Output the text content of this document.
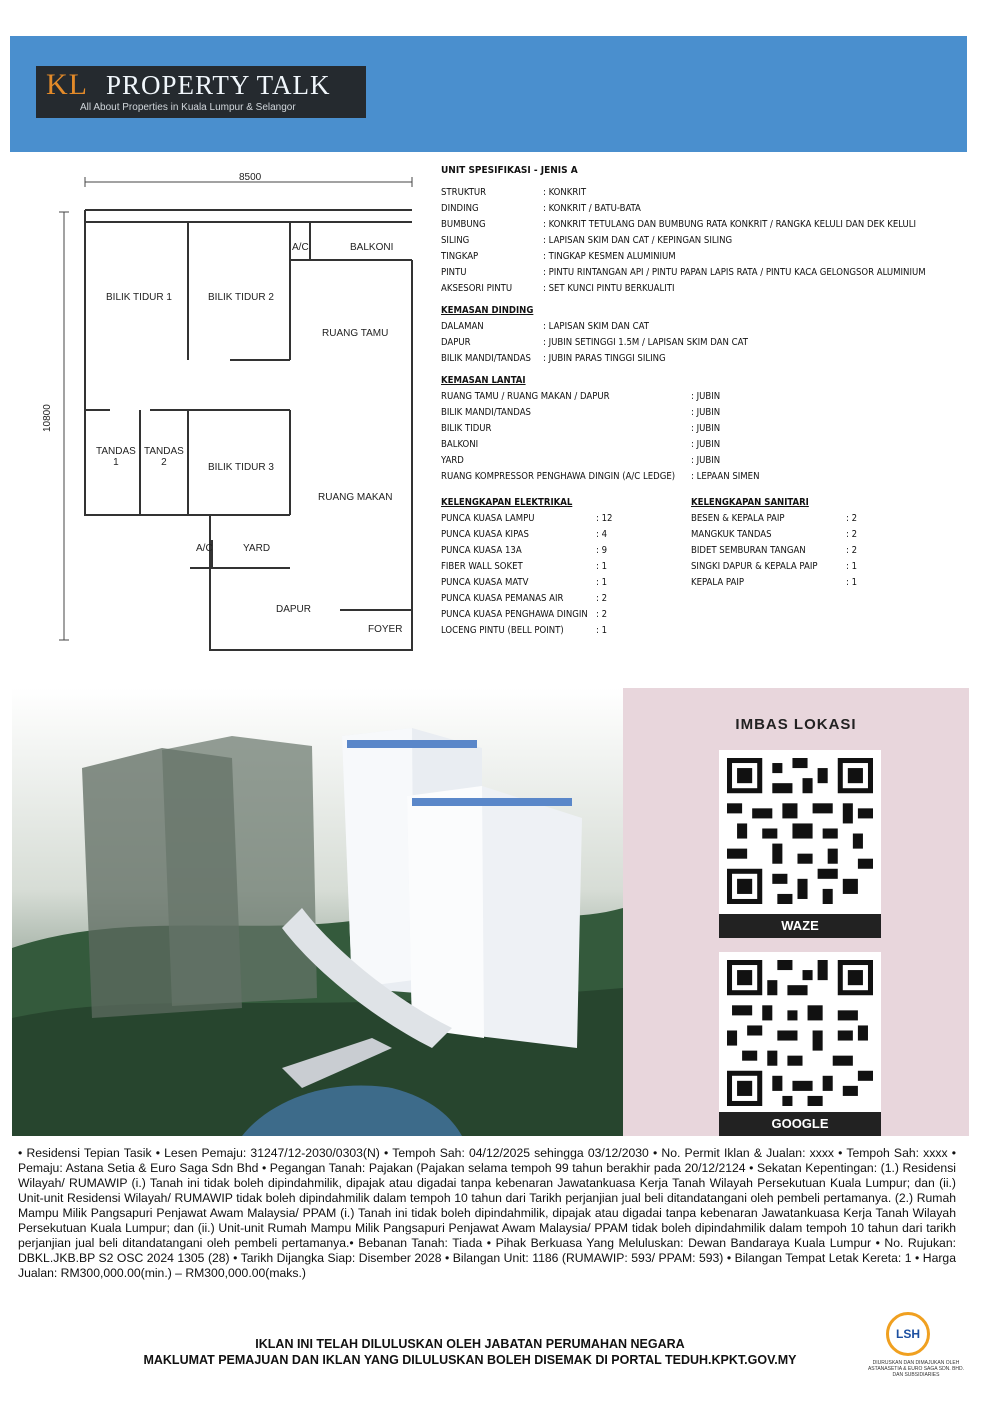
KL PROPERTY TALK
All About Properties in Kuala Lumpur & Selangor
8500
10800
BILIK TIDUR 1	BILIK TIDUR 2
A/C	BALKONI
RUANG TAMU
TANDAS
1
TANDAS
2	BILIK TIDUR 3
RUANG MAKAN
A/C	YARD
DAPUR
FOYER
UNIT SPESIFIKASI - JENIS A
STRUKTUR	: KONKRIT
DINDING	: KONKRIT / BATU-BATA
BUMBUNG	: KONKRIT TETULANG DAN BUMBUNG RATA KONKRIT / RANGKA KELULI DAN DEK KELULI
SILING	: LAPISAN SKIM DAN CAT / KEPINGAN SILING
TINGKAP	: TINGKAP KESMEN ALUMINIUM
PINTU	: PINTU RINTANGAN API / PINTU PAPAN LAPIS RATA / PINTU KACA GELONGSOR ALUMINIUM
AKSESORI PINTU	: SET KUNCI PINTU BERKUALITI
KEMASAN DINDING
DALAMAN	: LAPISAN SKIM DAN CAT
DAPUR	: JUBIN SETINGGI 1.5M / LAPISAN SKIM DAN CAT
BILIK MANDI/TANDAS	: JUBIN PARAS TINGGI SILING
KEMASAN LANTAI
RUANG TAMU / RUANG MAKAN / DAPUR	: JUBIN
BILIK MANDI/TANDAS	: JUBIN
BILIK TIDUR	: JUBIN
BALKONI	: JUBIN
YARD	: JUBIN
RUANG KOMPRESSOR PENGHAWA DINGIN (A/C LEDGE)	: LEPAAN SIMEN
KELENGKAPAN ELEKTRIKAL
PUNCA KUASA LAMPU	: 12
PUNCA KUASA KIPAS	: 4
PUNCA KUASA 13A	: 9
FIBER WALL SOKET	: 1
PUNCA KUASA MATV	: 1
PUNCA KUASA PEMANAS AIR	: 2
PUNCA KUASA PENGHAWA DINGIN : 2
LOCENG PINTU (BELL POINT)	: 1
KELENGKAPAN SANITARI
BESEN & KEPALA PAIP	: 2
MANGKUK TANDAS	: 2
BIDET SEMBURAN TANGAN	: 2
SINGKI DAPUR & KEPALA PAIP	: 1
KEPALA PAIP	: 1
IMBAS LOKASI
WAZE
GOOGLE
• Residensi Tepian Tasik • Lesen Pemaju: 31247/12-2030/0303(N) • Tempoh Sah: 04/12/2025 sehingga 03/12/2030 • No. Permit Iklan & Jualan: xxxx • Tempoh Sah: xxxx • Pemaju: Astana Setia & Euro Saga Sdn Bhd • Pegangan Tanah: Pajakan (Pajakan selama tempoh 99 tahun berakhir pada 20/12/2124 • Sekatan Kepentingan: (1.) Residensi Wilayah/ RUMAWIP (i.) Tanah ini tidak boleh dipindahmilik, dipajak atau digadai tanpa kebenaran Jawatankuasa Kerja Tanah Wilayah Persekutuan Kuala Lumpur; dan (ii.) Unit-unit Residensi Wilayah/ RUMAWIP tidak boleh dipindahmilik dalam tempoh 10 tahun dari Tarikh perjanjian jual beli ditandatangani oleh pembeli pertamanya. (2.) Rumah Mampu Milik Pangsapuri Penjawat Awam Malaysia/ PPAM (i.) Tanah ini tidak boleh dipindahmilik, dipajak atau digadai tanpa kebenaran Jawatankuasa Kerja Tanah Wilayah Persekutuan Kuala Lumpur; dan (ii.) Unit-unit Rumah Mampu Milik Pangsapuri Penjawat Awam Malaysia/ PPAM tidak boleh dipindahmilik dalam tempoh 10 tahun dari tarikh perjanjian jual beli ditandatangani oleh pembeli pertamanya.• Bebanan Tanah: Tiada • Pihak Berkuasa Yang Meluluskan: Dewan Bandaraya Kuala Lumpur • No. Rujukan: DBKL.JKB.BP S2 OSC 2024 1305 (28) • Tarikh Dijangka Siap: Disember 2028 • Bilangan Unit: 1186 (RUMAWIP: 593/ PPAM: 593) • Bilangan Tempat Letak Kereta: 1 • Harga Jualan: RM300,000.00(min.) – RM300,000.00(maks.)
IKLAN INI TELAH DILULUSKAN OLEH JABATAN PERUMAHAN NEGARA
MAKLUMAT PEMAJUAN DAN IKLAN YANG DILULUSKAN BOLEH DISEMAK DI PORTAL TEDUH.KPKT.GOV.MY
LSH
DIURUSKAN DAN DIMAJUKAN OLEH ASTANASETIA & EURO SAGA SDN. BHD. DAN SUBSIDIARIES
